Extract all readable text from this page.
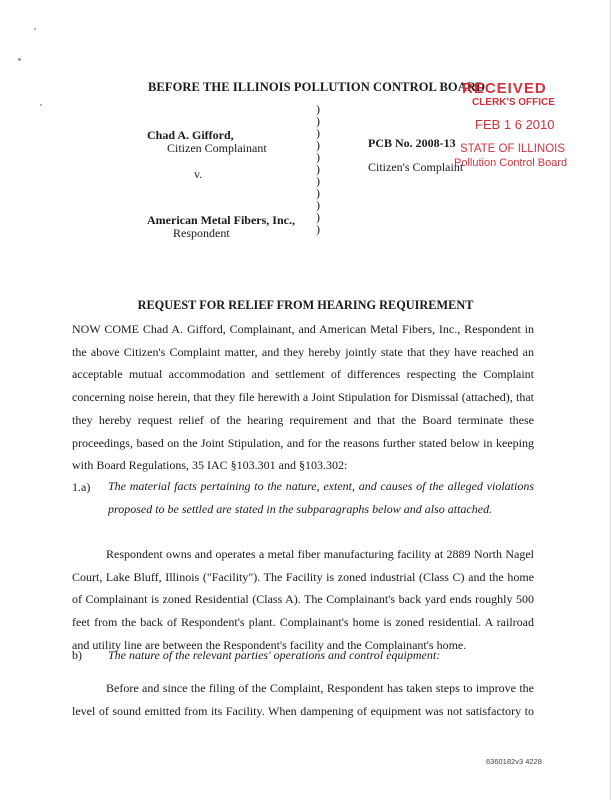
BEFORE THE ILLINOIS POLLUTION CONTROL BOARD
RECEIVED
CLERK'S OFFICE
FEB 1 6 2010
STATE OF ILLINOIS
Pollution Control Board
Chad A. Gifford,
Citizen Complainant
v.
American Metal Fibers, Inc.,
Respondent
)
)
)
)
)
)
)
)
)
)
)
PCB No. 2008-13
Citizen's Complaint
REQUEST FOR RELIEF FROM HEARING REQUIREMENT
NOW COME Chad A. Gifford, Complainant, and American Metal Fibers, Inc., Respondent in
the above Citizen's Complaint matter, and they hereby jointly state that they have reached an
acceptable mutual accommodation and settlement of differences respecting the Complaint
concerning noise herein, that they file herewith a Joint Stipulation for Dismissal (attached), that
they hereby request relief of the hearing requirement and that the Board terminate these
proceedings, based on the Joint Stipulation, and for the reasons further stated below in keeping
with Board Regulations, 35 IAC §103.301 and §103.302:
1.a) The material facts pertaining to the nature, extent, and causes of the alleged violations
proposed to be settled are stated in the subparagraphs below and also attached.
Respondent owns and operates a metal fiber manufacturing facility at 2889 North Nagel
Court, Lake Bluff, Illinois ("Facility"). The Facility is zoned industrial (Class C) and the home
of Complainant is zoned Residential (Class A). The Complainant's back yard ends roughly 500
feet from the back of Respondent's plant. Complainant's home is zoned residential. A railroad
and utility line are between the Respondent's facility and the Complainant's home.
b) The nature of the relevant parties' operations and control equipment:
Before and since the filing of the Complaint, Respondent has taken steps to improve the
level of sound emitted from its Facility. When dampening of equipment was not satisfactory to
6360182v3 4228
